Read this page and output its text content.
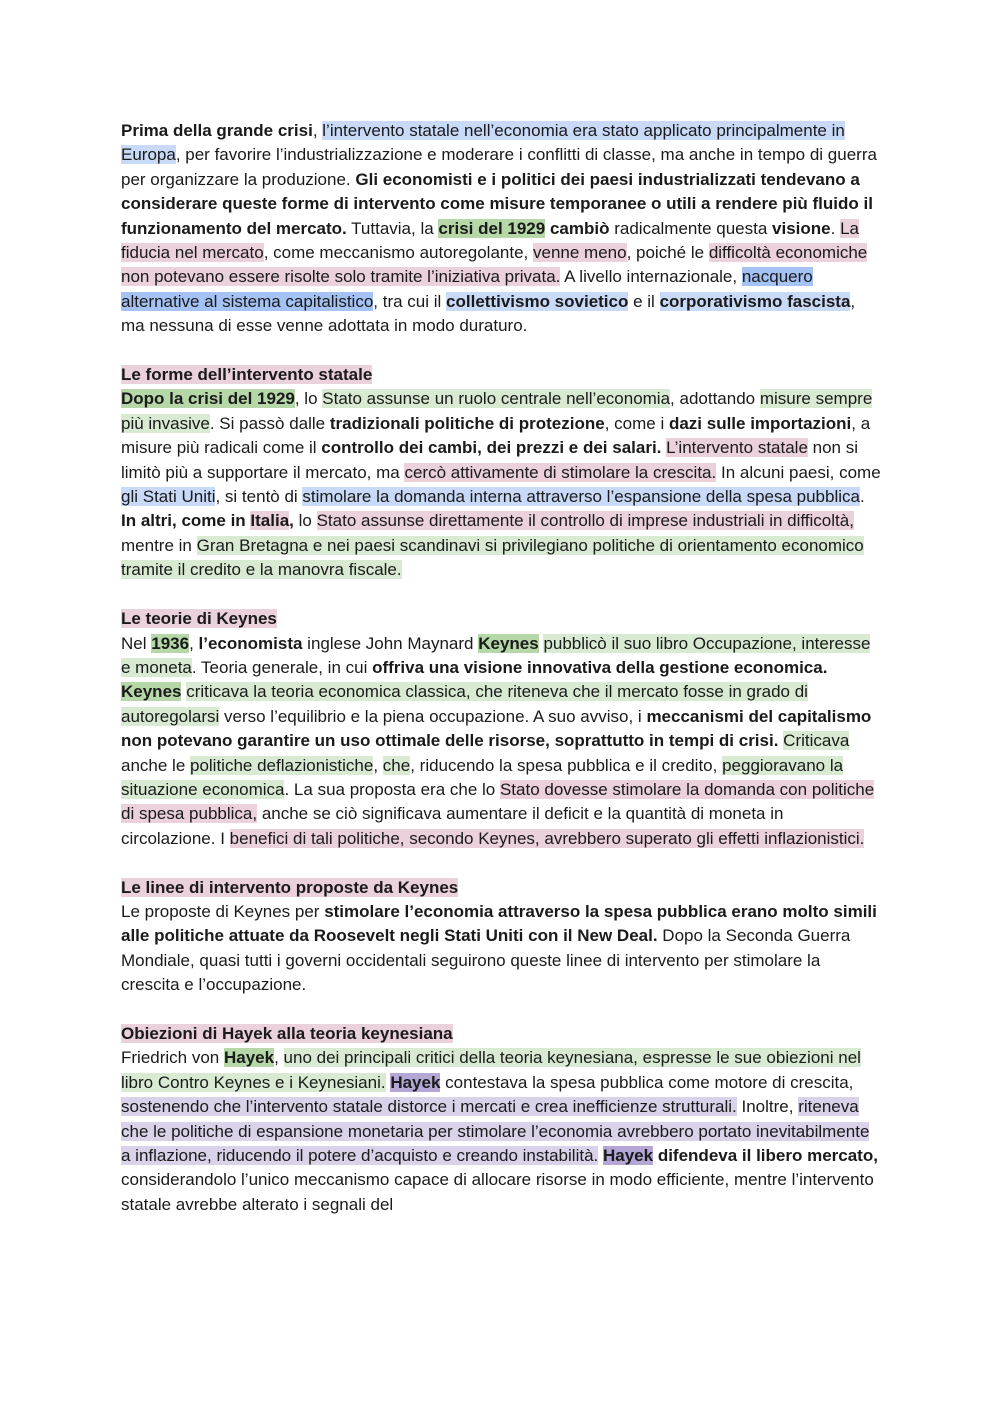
Prima della grande crisi, l’intervento statale nell’economia era stato applicato principalmente in Europa, per favorire l’industrializzazione e moderare i conflitti di classe, ma anche in tempo di guerra per organizzare la produzione. Gli economisti e i politici dei paesi industrializzati tendevano a considerare queste forme di intervento come misure temporanee o utili a rendere più fluido il funzionamento del mercato. Tuttavia, la crisi del 1929 cambiò radicalmente questa visione. La fiducia nel mercato, come meccanismo autoregolante, venne meno, poiché le difficoltà economiche non potevano essere risolte solo tramite l’iniziativa privata. A livello internazionale, nacquero alternative al sistema capitalistico, tra cui il collettivismo sovietico e il corporativismo fascista, ma nessuna di esse venne adottata in modo duraturo.

Le forme dell’intervento statale
Dopo la crisi del 1929, lo Stato assunse un ruolo centrale nell’economia, adottando misure sempre più invasive. Si passò dalle tradizionali politiche di protezione, come i dazi sulle importazioni, a misure più radicali come il controllo dei cambi, dei prezzi e dei salari. L’intervento statale non si limitò più a supportare il mercato, ma cercò attivamente di stimolare la crescita. In alcuni paesi, come gli Stati Uniti, si tentò di stimolare la domanda interna attraverso l’espansione della spesa pubblica. In altri, come in Italia, lo Stato assunse direttamente il controllo di imprese industriali in difficoltà, mentre in Gran Bretagna e nei paesi scandinavi si privilegiano politiche di orientamento economico tramite il credito e la manovra fiscale.

Le teorie di Keynes
Nel 1936, l’economista inglese John Maynard Keynes pubblicò il suo libro Occupazione, interesse e moneta. Teoria generale, in cui offriva una visione innovativa della gestione economica. Keynes criticava la teoria economica classica, che riteneva che il mercato fosse in grado di autoregolarsi verso l’equilibrio e la piena occupazione. A suo avviso, i meccanismi del capitalismo non potevano garantire un uso ottimale delle risorse, soprattutto in tempi di crisi. Criticava anche le politiche deflazionistiche, che, riducendo la spesa pubblica e il credito, peggioravano la situazione economica. La sua proposta era che lo Stato dovesse stimolare la domanda con politiche di spesa pubblica, anche se ciò significava aumentare il deficit e la quantità di moneta in circolazione. I benefici di tali politiche, secondo Keynes, avrebbero superato gli effetti inflazionistici.

Le linee di intervento proposte da Keynes
Le proposte di Keynes per stimolare l’economia attraverso la spesa pubblica erano molto simili alle politiche attuate da Roosevelt negli Stati Uniti con il New Deal. Dopo la Seconda Guerra Mondiale, quasi tutti i governi occidentali seguirono queste linee di intervento per stimolare la crescita e l’occupazione.

Obiezioni di Hayek alla teoria keynesiana
Friedrich von Hayek, uno dei principali critici della teoria keynesiana, espresse le sue obiezioni nel libro Contro Keynes e i Keynesiani. Hayek contestava la spesa pubblica come motore di crescita, sostenendo che l’intervento statale distorce i mercati e crea inefficienze strutturali. Inoltre, riteneva che le politiche di espansione monetaria per stimolare l’economia avrebbero portato inevitabilmente a inflazione, riducendo il potere d’acquisto e creando instabilità. Hayek difendeva il libero mercato, considerandolo l’unico meccanismo capace di allocare risorse in modo efficiente, mentre l’intervento statale avrebbe alterato i segnali del
